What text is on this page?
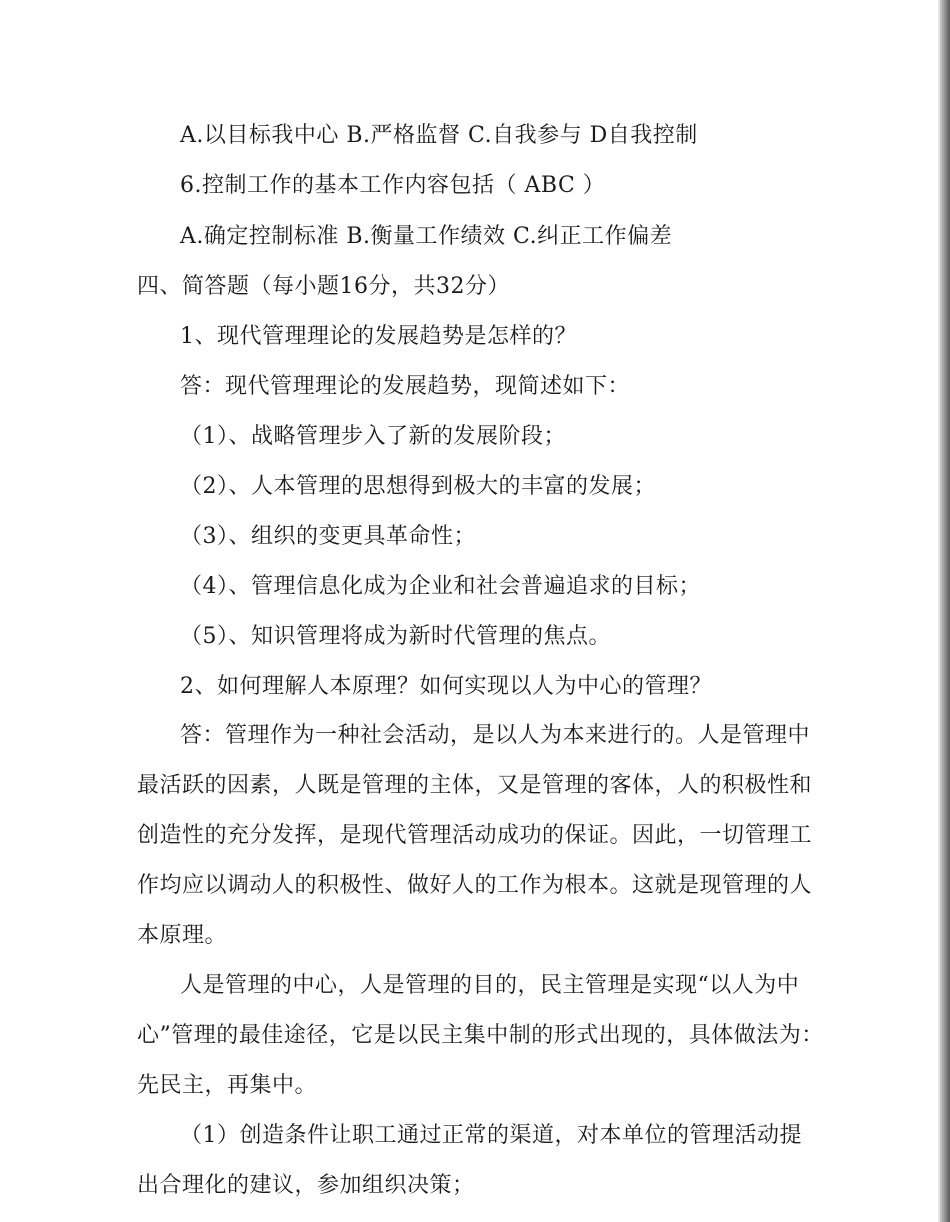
A.以目标我中心 B.严格监督 C.自我参与 D自我控制
6.控制工作的基本工作内容包括（ ABC ）
A.确定控制标准 B.衡量工作绩效 C.纠正工作偏差
四、简答题（每小题16分，共32分）
1、现代管理理论的发展趋势是怎样的？
答：现代管理理论的发展趋势，现简述如下：
（1）、战略管理步入了新的发展阶段；
（2）、人本管理的思想得到极大的丰富的发展；
（3）、组织的变更具革命性；
（4）、管理信息化成为企业和社会普遍追求的目标；
（5）、知识管理将成为新时代管理的焦点。
2、如何理解人本原理？如何实现以人为中心的管理？
答：管理作为一种社会活动，是以人为本来进行的。人是管理中
最活跃的因素，人既是管理的主体，又是管理的客体，人的积极性和
创造性的充分发挥，是现代管理活动成功的保证。因此，一切管理工
作均应以调动人的积极性、做好人的工作为根本。这就是现管理的人
本原理。
人是管理的中心，人是管理的目的，民主管理是实现“以人为中
心”管理的最佳途径，它是以民主集中制的形式出现的，具体做法为：
先民主，再集中。
（1）创造条件让职工通过正常的渠道，对本单位的管理活动提
出合理化的建议，参加组织决策；
